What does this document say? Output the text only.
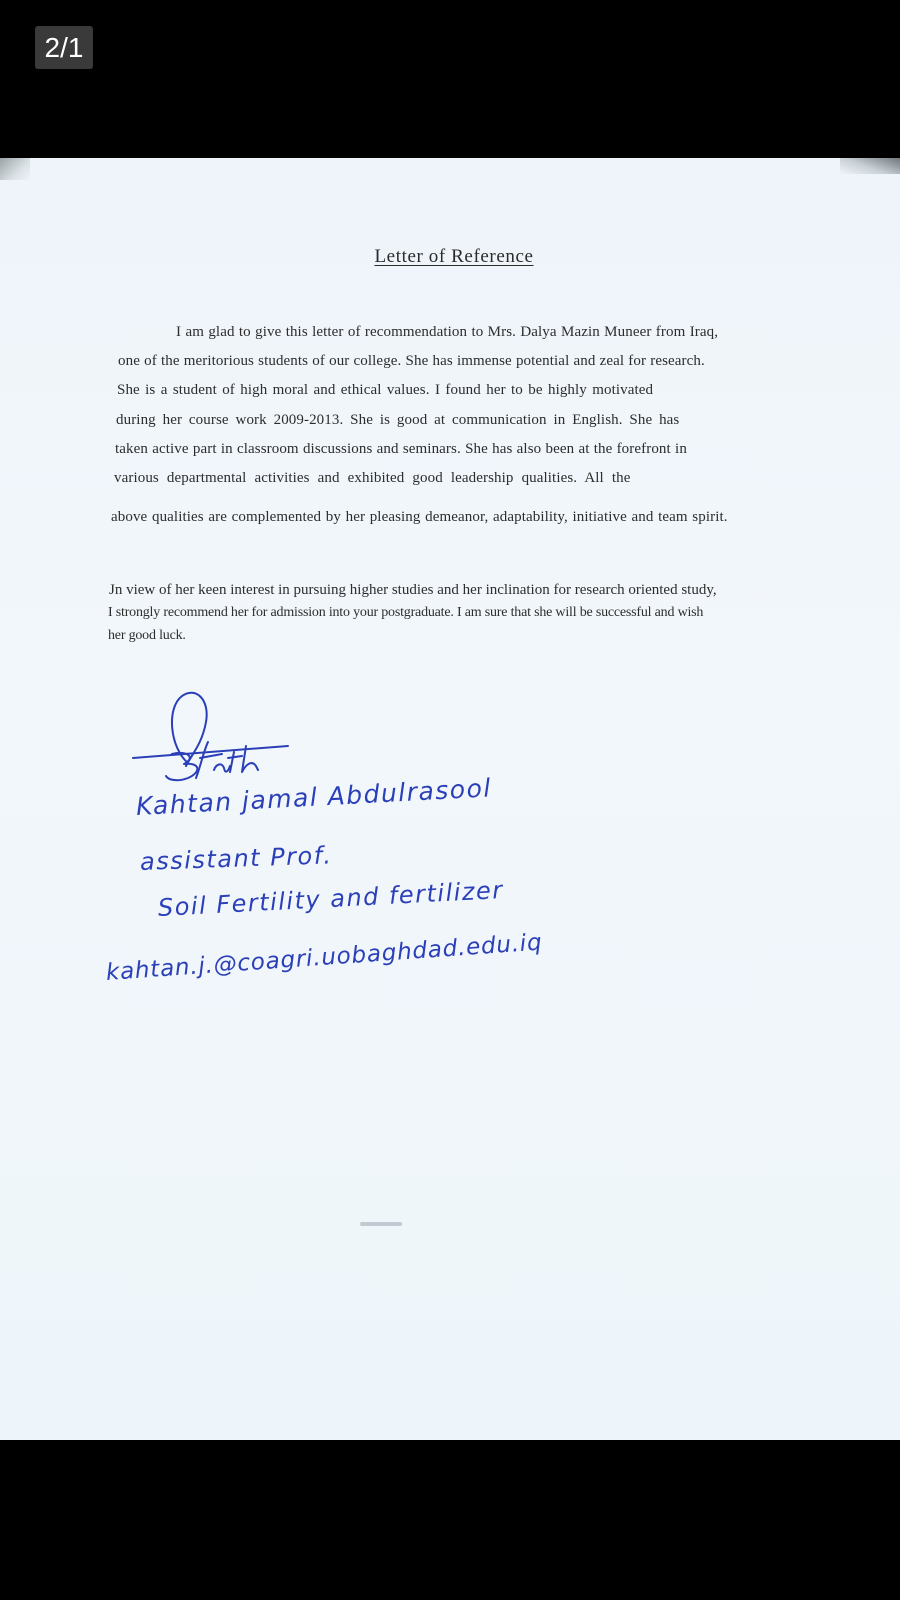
2/1
Letter of Reference
I am glad to give this letter of recommendation to Mrs. Dalya Mazin Muneer from Iraq,
one of the meritorious students of our college. She has immense potential and zeal for research.
She is a student of high moral and ethical values. I found her to be highly motivated
during her course work 2009-2013. She is good at communication in English. She has
taken active part in classroom discussions and seminars. She has also been at the forefront in
various departmental activities and exhibited good leadership qualities. All the
above qualities are complemented by her pleasing demeanor, adaptability, initiative and team spirit.
Jn view of her keen interest in pursuing higher studies and her inclination for research oriented study,
I strongly recommend her for admission into your postgraduate. I am sure that she will be successful and wish
her good luck.
Kahtan jamal Abdulrasool
assistant Prof.
Soil Fertility and fertilizer
kahtan.j.@coagri.uobaghdad.edu.iq
